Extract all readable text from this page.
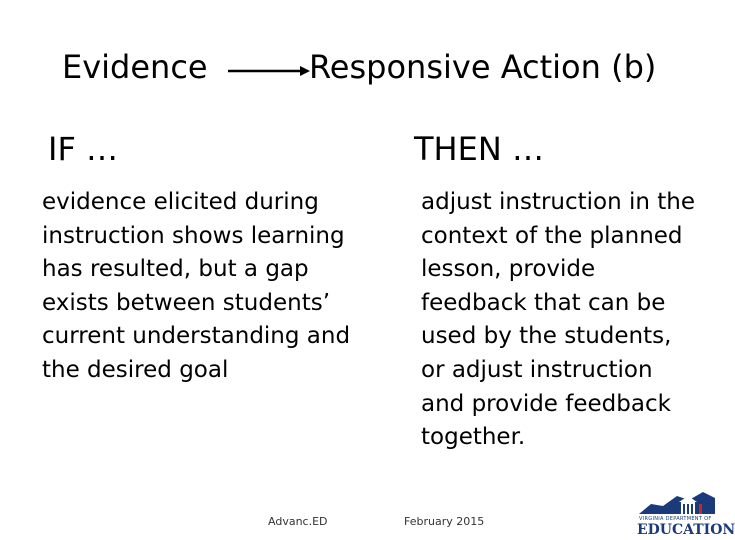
Evidence	Responsive Action (b)
IF …	THEN …
evidence elicited during instruction shows learning has resulted, but a gap exists between students’ current understanding and the desired goal
adjust instruction in the context of the planned lesson, provide feedback that can be used by the students, or adjust instruction and provide feedback together.
Advanc.ED	February 2015	VIRGINIA DEPARTMENT OF
EDUCATION
